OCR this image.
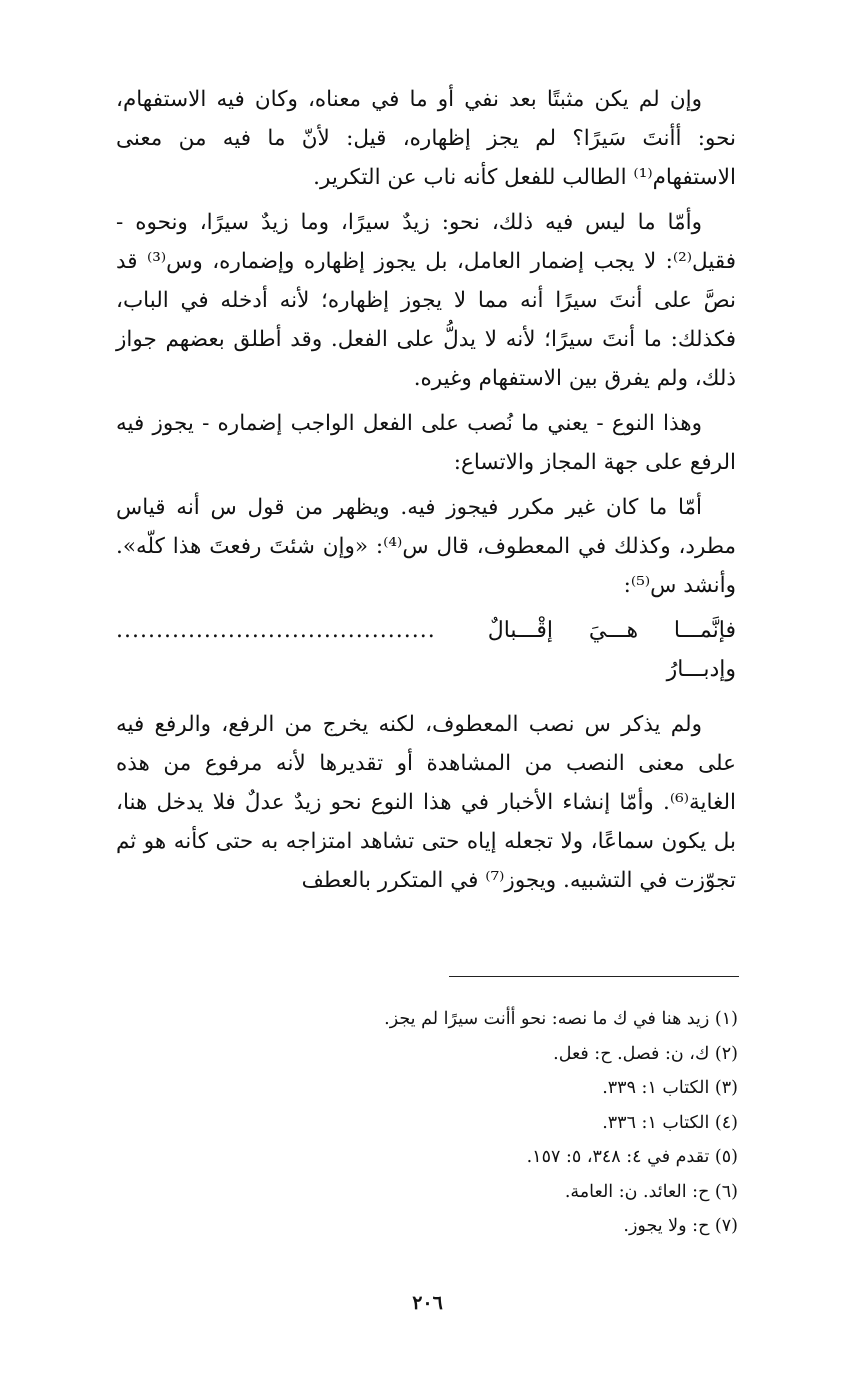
وإن لم يكن مثبتًا بعد نفي أو ما في معناه، وكان فيه الاستفهام، نحو: أأنتَ سَيرًا؟ لم يجز إظهاره، قيل: لأنّ ما فيه من معنى الاستفهام⁽¹⁾ الطالب للفعل كأنه ناب عن التكرير.

وأمّا ما ليس فيه ذلك، نحو: زيدٌ سيرًا، وما زيدٌ سيرًا، ونحوه - فقيل⁽²⁾: لا يجب إضمار العامل، بل يجوز إظهاره وإضماره، وس⁽³⁾ قد نصَّ على أنتَ سيرًا أنه مما لا يجوز إظهاره؛ لأنه أدخله في الباب، فكذلك: ما أنتَ سيرًا؛ لأنه لا يدلُّ على الفعل. وقد أطلق بعضهم جواز ذلك، ولم يفرق بين الاستفهام وغيره.

وهذا النوع - يعني ما نُصب على الفعل الواجب إضماره - يجوز فيه الرفع على جهة المجاز والاتساع:

أمّا ما كان غير مكرر فيجوز فيه. ويظهر من قول س أنه قياس مطرد، وكذلك في المعطوف، قال س⁽⁴⁾: «وإن شئتَ رفعتَ هذا كلّه». وأنشد س⁽⁵⁾:

فإنَّمـــا هـــيَ إقْـــبالٌ وإدبـــارُ
........................................

ولم يذكر س نصب المعطوف، لكنه يخرج من الرفع، والرفع فيه على معنى النصب من المشاهدة أو تقديرها لأنه مرفوع من هذه الغاية⁽⁶⁾. وأمّا إنشاء الأخبار في هذا النوع نحو زيدٌ عدلٌ فلا يدخل هنا، بل يكون سماعًا، ولا تجعله إياه حتى تشاهد امتزاجه به حتى كأنه هو ثم تجوّزت في التشبيه. ويجوز⁽⁷⁾ في المتكرر بالعطف

(١) زيد هنا في ك ما نصه: نحو أأنت سيرًا لم يجز.

(٢) ك، ن: فصل. ح: فعل.

(٣) الكتاب ١: ٣٣٩.

(٤) الكتاب ١: ٣٣٦.

(٥) تقدم في ٤: ٣٤٨، ٥: ١٥٧.

(٦) ح: العائد. ن: العامة.

(٧) ح: ولا يجوز.

٢٠٦
